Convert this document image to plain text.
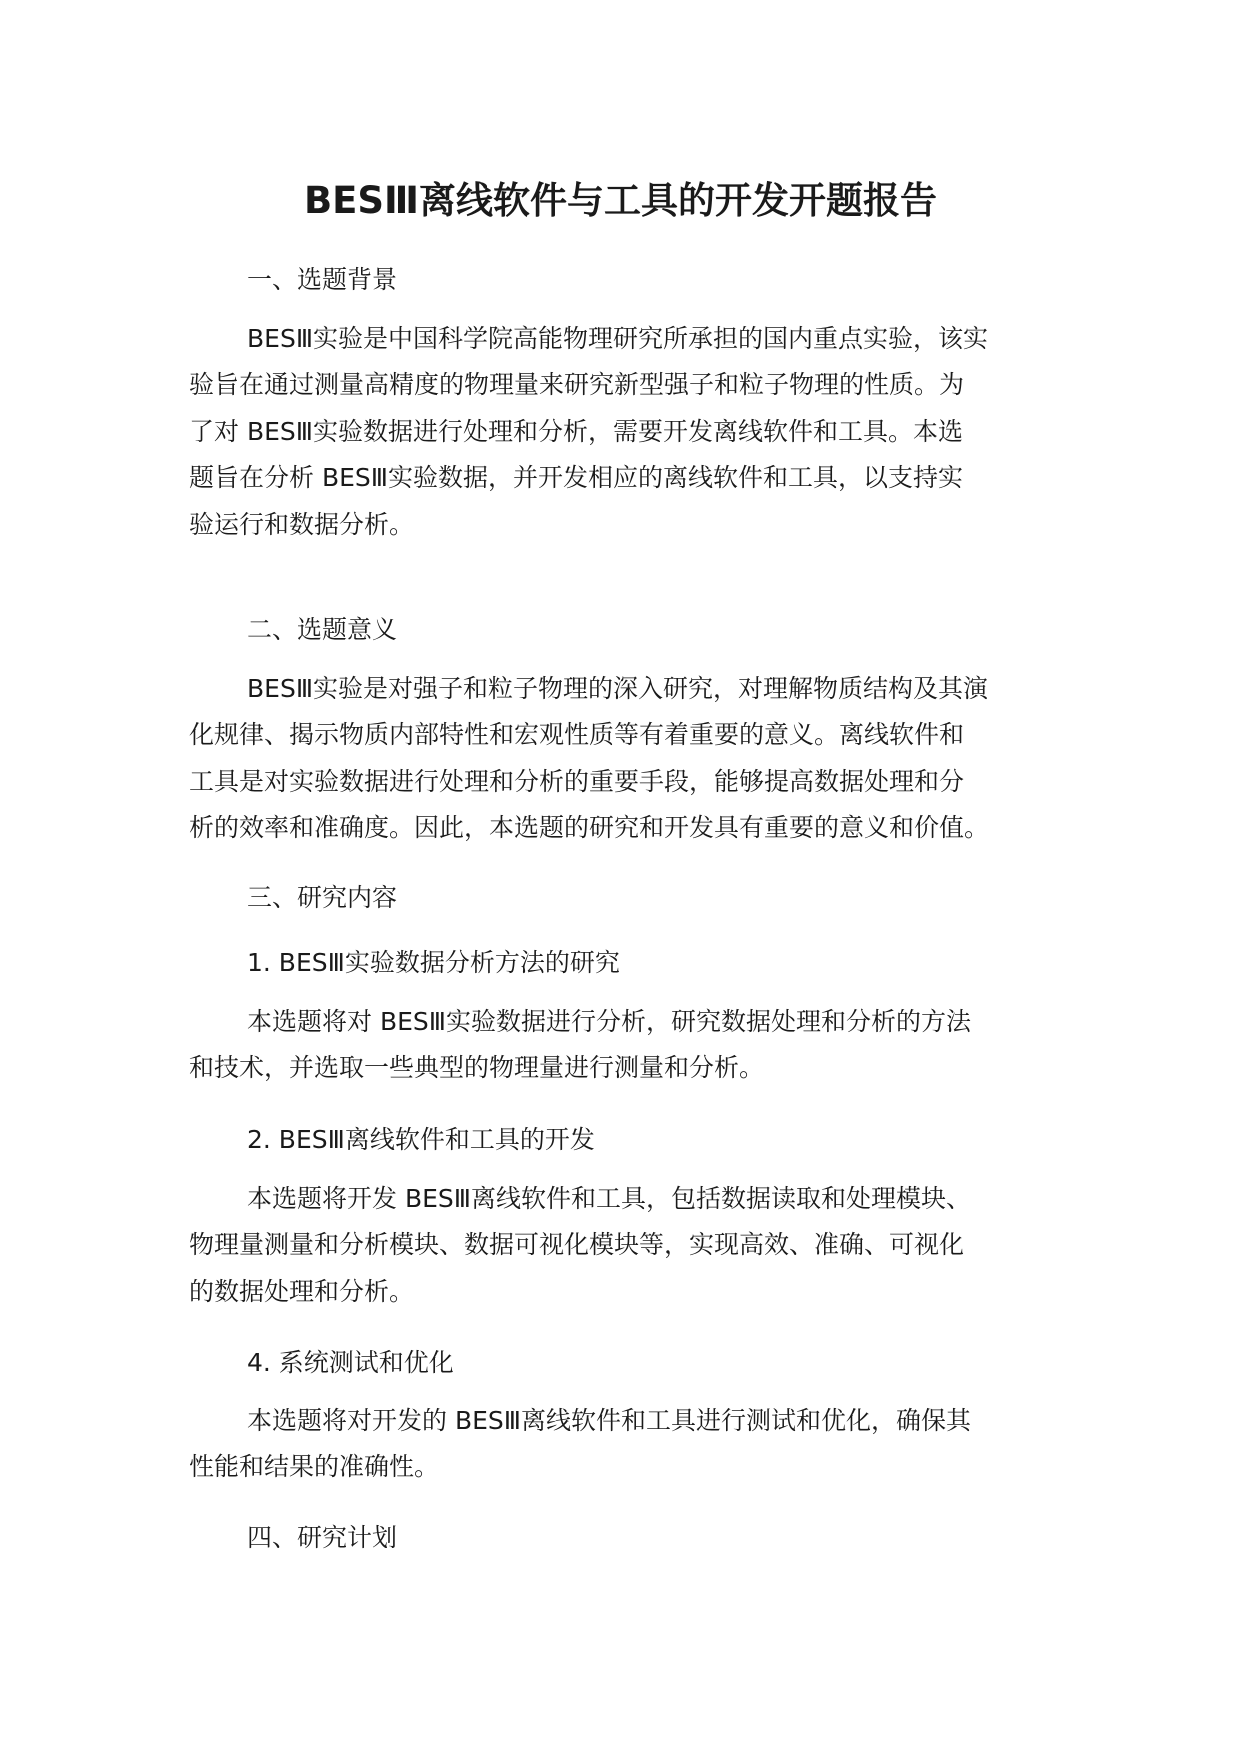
BESⅢ离线软件与工具的开发开题报告

一、选题背景

BESⅢ实验是中国科学院高能物理研究所承担的国内重点实验，该实
验旨在通过测量高精度的物理量来研究新型强子和粒子物理的性质。为
了对 BESⅢ实验数据进行处理和分析，需要开发离线软件和工具。本选
题旨在分析 BESⅢ实验数据，并开发相应的离线软件和工具，以支持实
验运行和数据分析。

二、选题意义

BESⅢ实验是对强子和粒子物理的深入研究，对理解物质结构及其演
化规律、揭示物质内部特性和宏观性质等有着重要的意义。离线软件和
工具是对实验数据进行处理和分析的重要手段，能够提高数据处理和分
析的效率和准确度。因此，本选题的研究和开发具有重要的意义和价值。

三、研究内容

1. BESⅢ实验数据分析方法的研究

本选题将对 BESⅢ实验数据进行分析，研究数据处理和分析的方法
和技术，并选取一些典型的物理量进行测量和分析。

2. BESⅢ离线软件和工具的开发

本选题将开发 BESⅢ离线软件和工具，包括数据读取和处理模块、
物理量测量和分析模块、数据可视化模块等，实现高效、准确、可视化
的数据处理和分析。

4. 系统测试和优化

本选题将对开发的 BESⅢ离线软件和工具进行测试和优化，确保其
性能和结果的准确性。

四、研究计划
